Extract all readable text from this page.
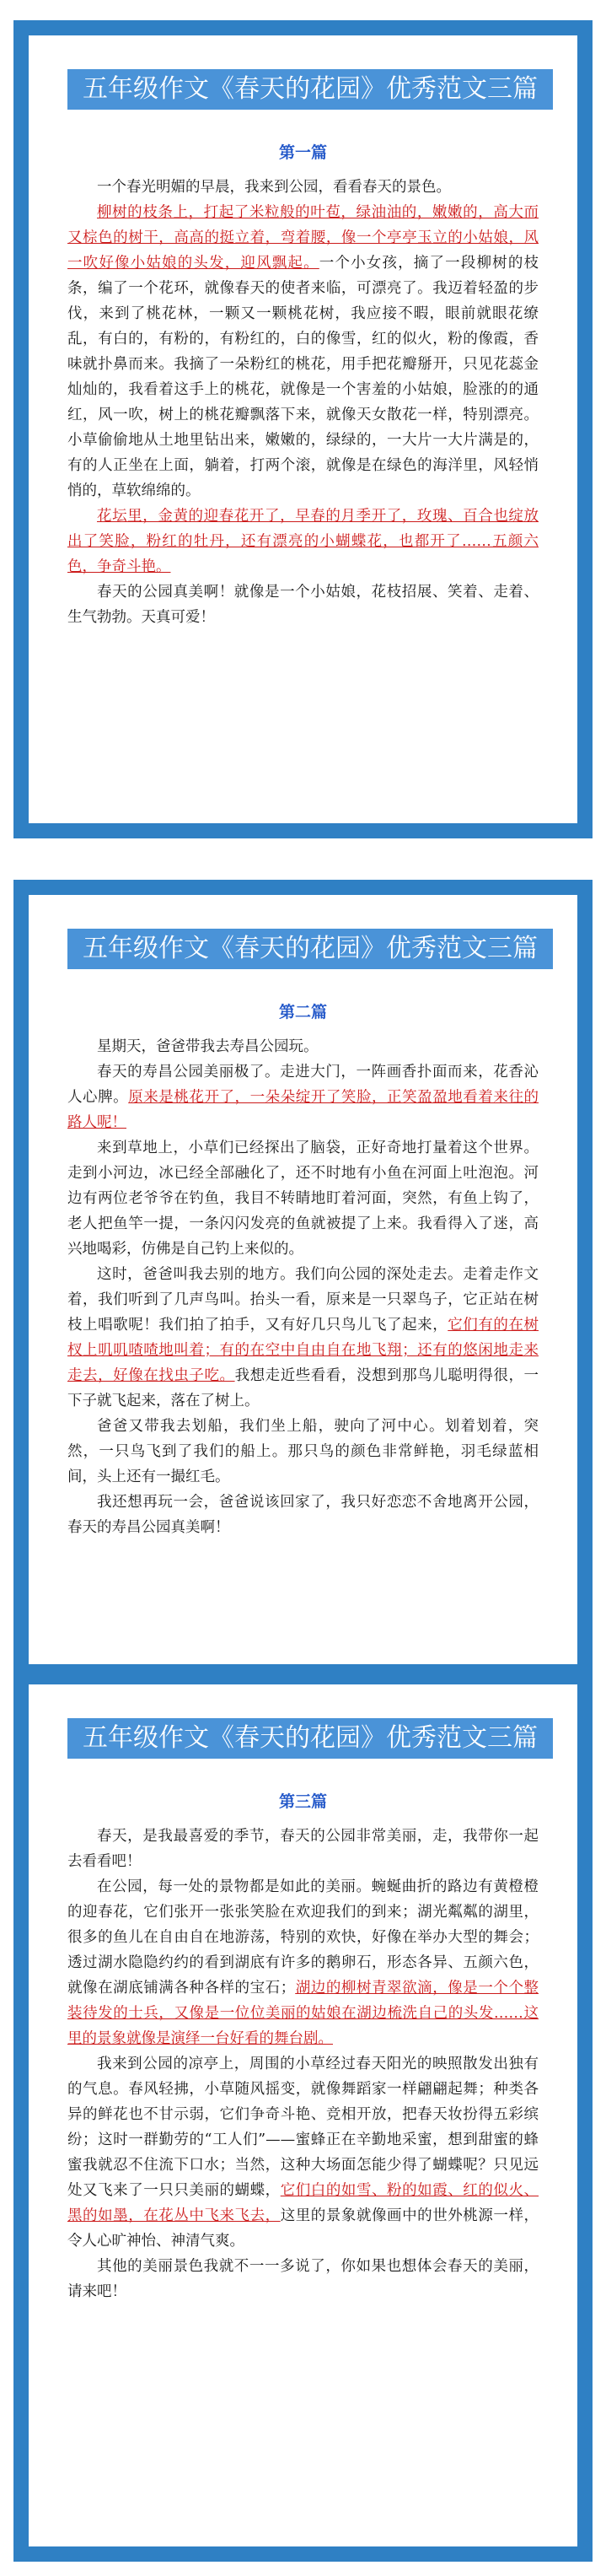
五年级作文《春天的花园》优秀范文三篇
第一篇

一个春光明媚的早晨，我来到公园，看看春天的景色。

柳树的枝条上，打起了米粒般的叶苞，绿油油的，嫩嫩的，高大而又棕色的树干，高高的挺立着，弯着腰，像一个亭亭玉立的小姑娘，风一吹好像小姑娘的头发，迎风飘起。一个小女孩，摘了一段柳树的枝条，编了一个花环，就像春天的使者来临，可漂亮了。我迈着轻盈的步伐，来到了桃花林，一颗又一颗桃花树，我应接不暇，眼前就眼花缭乱，有白的，有粉的，有粉红的，白的像雪，红的似火，粉的像霞，香味就扑鼻而来。我摘了一朵粉红的桃花，用手把花瓣掰开，只见花蕊金灿灿的，我看着这手上的桃花，就像是一个害羞的小姑娘，脸涨的的通红，风一吹，树上的桃花瓣飘落下来，就像天女散花一样，特别漂亮。小草偷偷地从土地里钻出来，嫩嫩的，绿绿的，一大片一大片满是的，有的人正坐在上面，躺着，打两个滚，就像是在绿色的海洋里，风轻悄悄的，草软绵绵的。

花坛里，金黄的迎春花开了，早春的月季开了，玫瑰、百合也绽放出了笑脸，粉红的牡丹，还有漂亮的小蝴蝶花，也都开了……五颜六色，争奇斗艳。

春天的公园真美啊！就像是一个小姑娘，花枝招展、笑着、走着、生气勃勃。天真可爱！

五年级作文《春天的花园》优秀范文三篇
第二篇

星期天，爸爸带我去寿昌公园玩。

春天的寿昌公园美丽极了。走进大门，一阵画香扑面而来，花香沁人心脾。原来是桃花开了，一朵朵绽开了笑脸，正笑盈盈地看着来往的路人呢！

来到草地上，小草们已经探出了脑袋，正好奇地打量着这个世界。走到小河边，冰已经全部融化了，还不时地有小鱼在河面上吐泡泡。河边有两位老爷爷在钓鱼，我目不转睛地盯着河面，突然，有鱼上钩了，老人把鱼竿一提，一条闪闪发亮的鱼就被提了上来。我看得入了迷，高兴地喝彩，仿佛是自己钓上来似的。

这时，爸爸叫我去别的地方。我们向公园的深处走去。走着走作文着，我们听到了几声鸟叫。抬头一看，原来是一只翠鸟子，它正站在树枝上唱歌呢！我们拍了拍手，又有好几只鸟儿飞了起来，它们有的在树杈上叽叽喳喳地叫着；有的在空中自由自在地飞翔；还有的悠闲地走来走去，好像在找虫子吃。我想走近些看看，没想到那鸟儿聪明得很，一下子就飞起来，落在了树上。

爸爸又带我去划船，我们坐上船，驶向了河中心。划着划着，突然，一只鸟飞到了我们的船上。那只鸟的颜色非常鲜艳，羽毛绿蓝相间，头上还有一撮红毛。

我还想再玩一会，爸爸说该回家了，我只好恋恋不舍地离开公园，春天的寿昌公园真美啊！

五年级作文《春天的花园》优秀范文三篇
第三篇

春天，是我最喜爱的季节，春天的公园非常美丽，走，我带你一起去看看吧！

在公园，每一处的景物都是如此的美丽。蜿蜒曲折的路边有黄橙橙的迎春花，它们张开一张张笑脸在欢迎我们的到来；湖光粼粼的湖里，很多的鱼儿在自由自在地游荡，特别的欢快，好像在举办大型的舞会；透过湖水隐隐约约的看到湖底有许多的鹅卵石，形态各异、五颜六色，就像在湖底铺满各种各样的宝石；湖边的柳树青翠欲滴，像是一个个整装待发的士兵，又像是一位位美丽的姑娘在湖边梳洗自己的头发……这里的景象就像是演绎一台好看的舞台剧。

我来到公园的凉亭上，周围的小草经过春天阳光的映照散发出独有的气息。春风轻拂，小草随风摇变，就像舞蹈家一样翩翩起舞；种类各异的鲜花也不甘示弱，它们争奇斗艳、竞相开放，把春天妆扮得五彩缤纷；这时一群勤劳的“工人们”——蜜蜂正在辛勤地采蜜，想到甜蜜的蜂蜜我就忍不住流下口水；当然，这种大场面怎能少得了蝴蝶呢？只见远处又飞来了一只只美丽的蝴蝶，它们白的如雪、粉的如霞、红的似火、黑的如墨，在花丛中飞来飞去，这里的景象就像画中的世外桃源一样，令人心旷神怡、神清气爽。

其他的美丽景色我就不一一多说了，你如果也想体会春天的美丽，请来吧！
